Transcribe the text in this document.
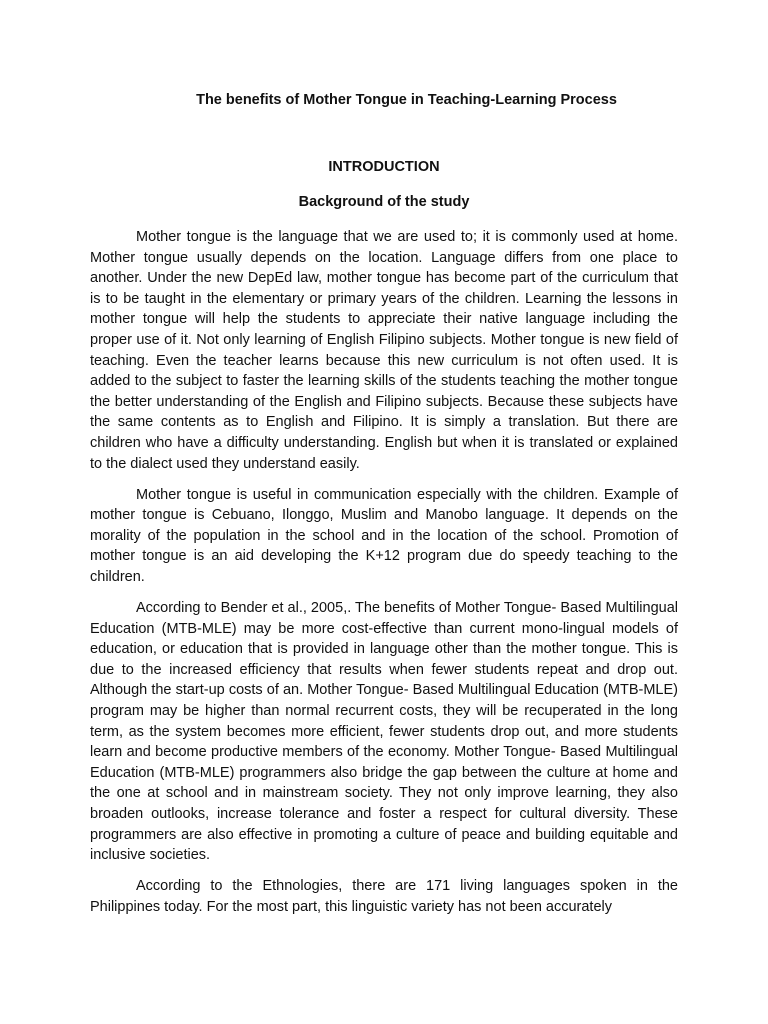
The benefits of Mother Tongue in Teaching-Learning Process
INTRODUCTION
Background of the study

Mother tongue is the language that we are used to; it is commonly used at home. Mother tongue usually depends on the location. Language differs from one place to another. Under the new DepEd law, mother tongue has become part of the curriculum that is to be taught in the elementary or primary years of the children. Learning the lessons in mother tongue will help the students to appreciate their native language including the proper use of it. Not only learning of English Filipino subjects. Mother tongue is new field of teaching. Even the teacher learns because this new curriculum is not often used. It is added to the subject to faster the learning skills of the students teaching the mother tongue the better understanding of the English and Filipino subjects. Because these subjects have the same contents as to English and Filipino. It is simply a translation. But there are children who have a difficulty understanding. English but when it is translated or explained to the dialect used they understand easily.

Mother tongue is useful in communication especially with the children. Example of mother tongue is Cebuano, Ilonggo, Muslim and Manobo language. It depends on the morality of the population in the school and in the location of the school. Promotion of mother tongue is an aid developing the K+12 program due do speedy teaching to the children.

According to Bender et al., 2005,. The benefits of Mother Tongue- Based Multilingual Education (MTB-MLE) may be more cost-effective than current mono-lingual models of education, or education that is provided in language other than the mother tongue. This is due to the increased efficiency that results when fewer students repeat and drop out. Although the start-up costs of an. Mother Tongue- Based Multilingual Education (MTB-MLE) program may be higher than normal recurrent costs, they will be recuperated in the long term, as the system becomes more efficient, fewer students drop out, and more students learn and become productive members of the economy. Mother Tongue- Based Multilingual Education (MTB-MLE) programmers also bridge the gap between the culture at home and the one at school and in mainstream society. They not only improve learning, they also broaden outlooks, increase tolerance and foster a respect for cultural diversity. These programmers are also effective in promoting a culture of peace and building equitable and inclusive societies.

According to the Ethnologies, there are 171 living languages spoken in the Philippines today. For the most part, this linguistic variety has not been accurately
